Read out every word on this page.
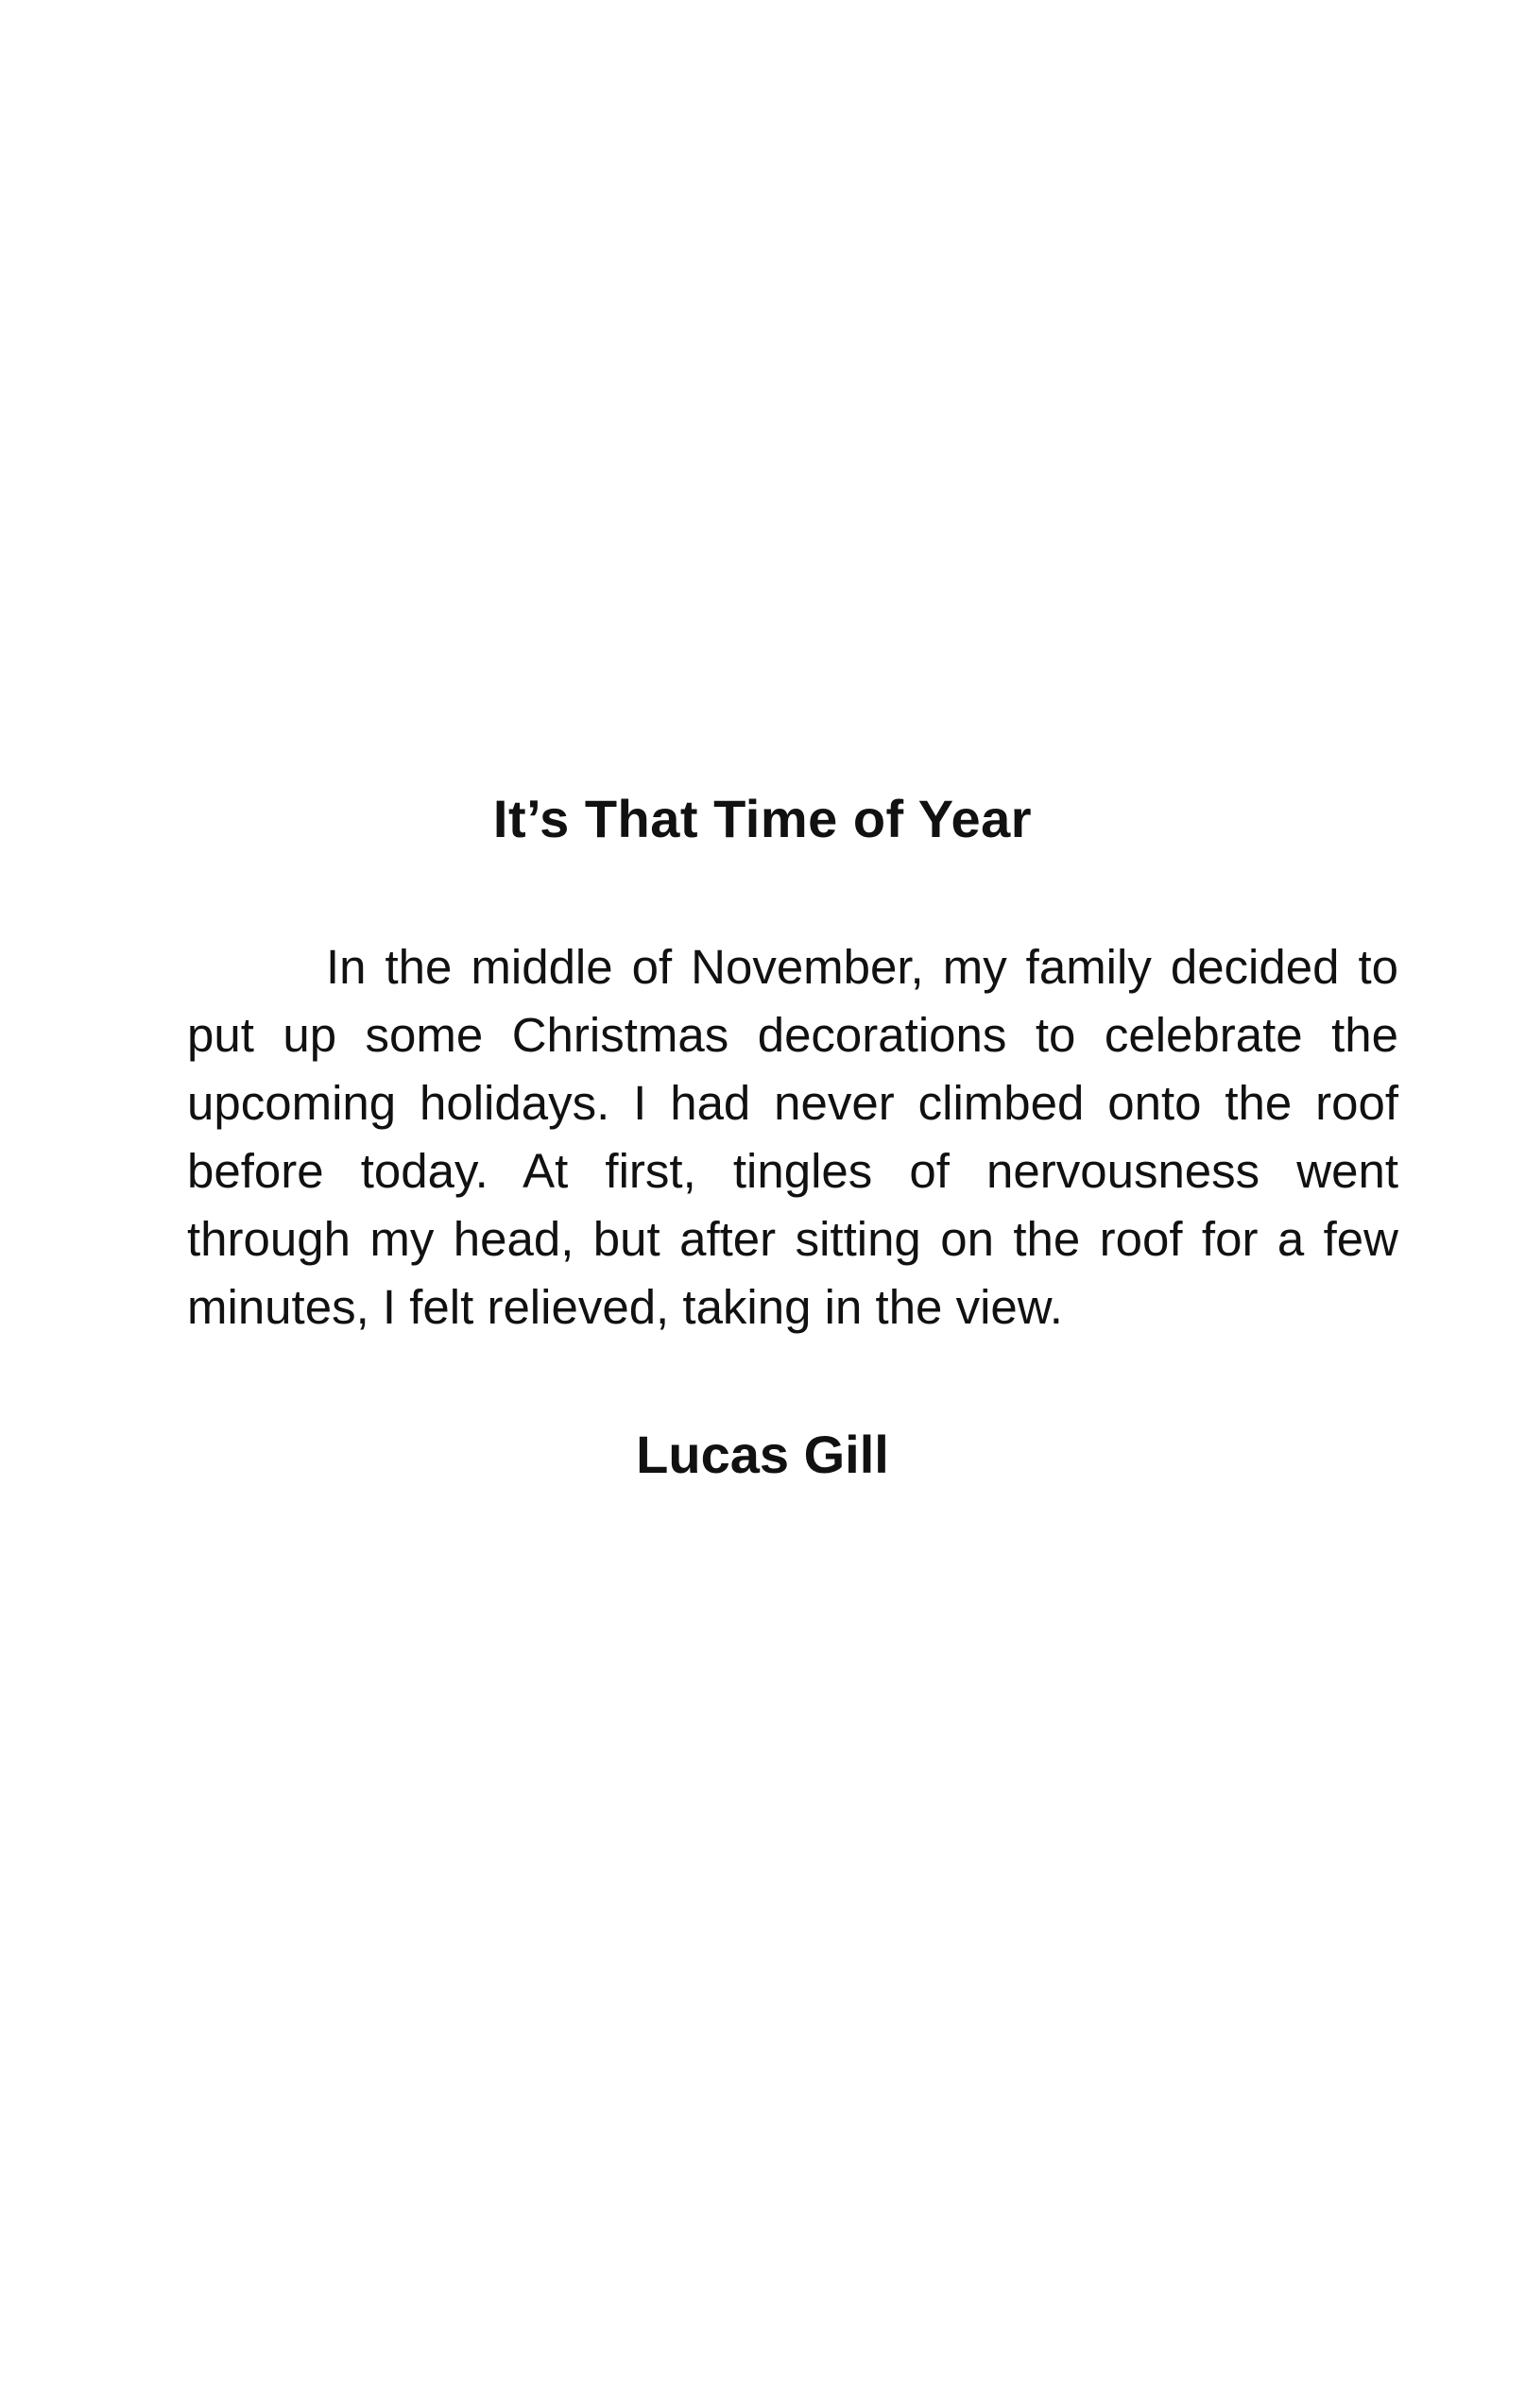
It’s That Time of Year
In the middle of November, my family decided to
put up some Christmas decorations to celebrate the
upcoming holidays. I had never climbed onto the roof
before today. At first, tingles of nervousness went
through my head, but after sitting on the roof for a few
minutes, I felt relieved, taking in the view.
Lucas Gill
